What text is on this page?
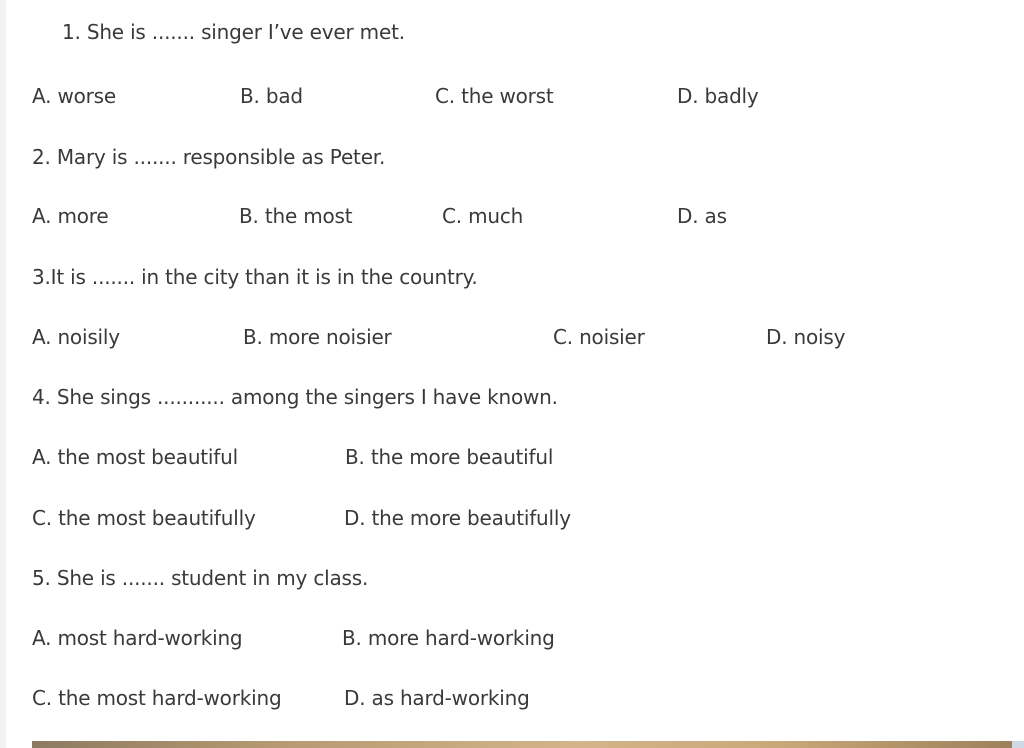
1. She is ....... singer I’ve ever met.
A. worse	B. bad	C. the worst	D. badly
2. Mary is ....... responsible as Peter.
A. more	B. the most	C. much	D. as
3.It is ....... in the city than it is in the country.
A. noisily	B. more noisier	C. noisier	D. noisy
4. She sings ........... among the singers I have known.
A. the most beautiful	B. the more beautiful
C. the most beautifully	D. the more beautifully
5. She is ....... student in my class.
A. most hard-working	B. more hard-working
C. the most hard-working	D. as hard-working
